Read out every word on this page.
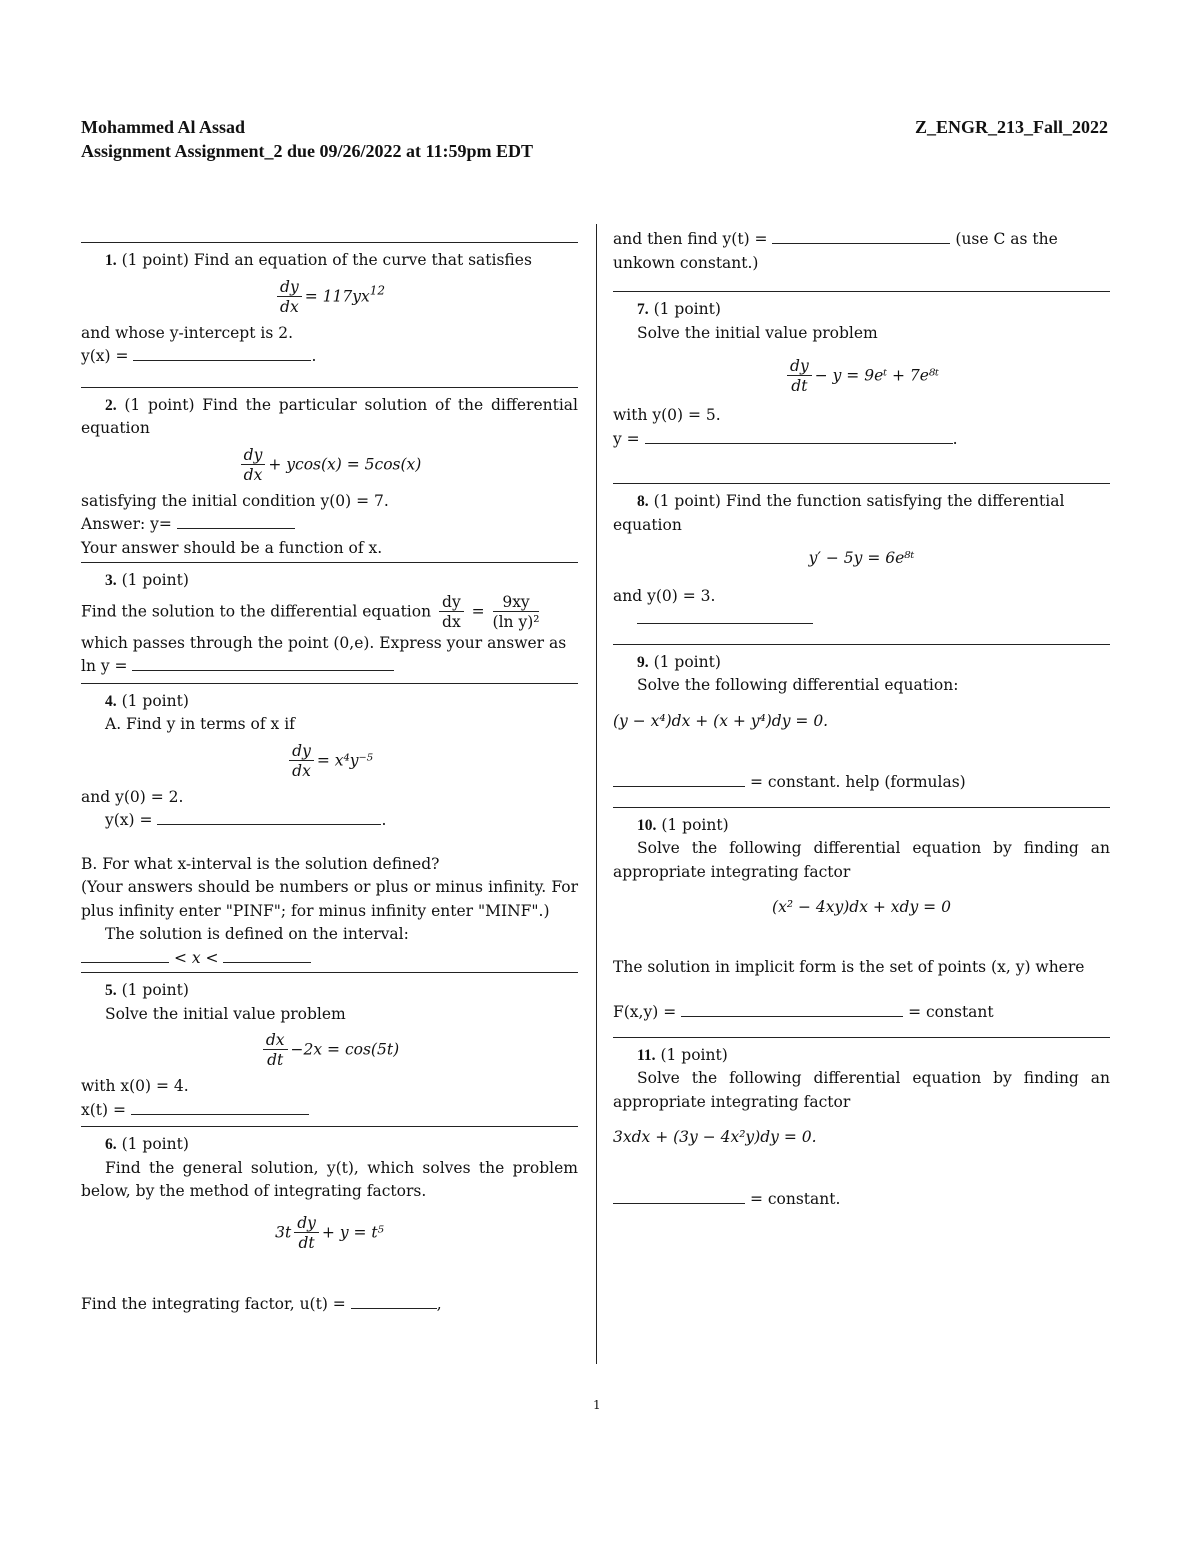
Mohammed Al Assad	Z_ENGR_213_Fall_2022
Assignment Assignment_2 due 09/26/2022 at 11:59pm EDT
1. (1 point) Find an equation of the curve that satisfies
$\frac{dy}{dx} = 117yx^{12}$
and whose y-intercept is 2.
y(x) =	.
2. (1 point) Find the particular solution of the differential equation
$\frac{dy}{dx} + ycos(x) = 5\cos(x)$
satisfying the initial condition y(0) = 7.
Answer: y=
Your answer should be a function of x.
3. (1 point)
Find the solution to the differential equation $\frac{dy}{dx} = \frac{9xy}{\text{(ln y)²}}$
which passes through the point (0,e). Express your answer as
ln y =
4. (1 point)
A. Find y in terms of x if
$\frac{dy}{dx} = x^4y^{-5}$
and y(0) = 2.
y(x) =	.
B. For what x-interval is the solution defined?
(Your answers should be numbers or plus or minus infinity. For plus infinity enter "PINF"; for minus infinity enter "MINF".)
The solution is defined on the interval:
< x <
5. (1 point)
Solve the initial value problem
$\frac{dx}{dt} -2x = \cos(5t)$
with x(0) = 4.
x(t) =
6. (1 point)
Find the general solution, y(t), which solves the problem below, by the method of integrating factors.
$3t \frac{dy}{dt} + y = t^5$
Find the integrating factor, u(t) =	,
and then find y(t) =	(use C as the unkown constant.)
7. (1 point)
Solve the initial value problem
$\frac{dy}{dt} - y$ = 9eᵗ + 7e⁸ᵗ
with y(0) = 5.
y =	.
8. (1 point) Find the function satisfying the differential equation
y′ − 5y = 6e⁸ᵗ
and y(0) = 3.
9. (1 point)
Solve the following differential equation:
(y − x⁴)dx + (x + y⁴)dy = 0.
= constant. help (formulas)
10. (1 point)
Solve the following differential equation by finding an appropriate integrating factor
(x² − 4xy)dx + xdy = 0
The solution in implicit form is the set of points (x, y) where
F(x,y) =	= constant
11. (1 point)
Solve the following differential equation by finding an appropriate integrating factor
3xdx + (3y − 4x²y)dy = 0.
= constant.
1
